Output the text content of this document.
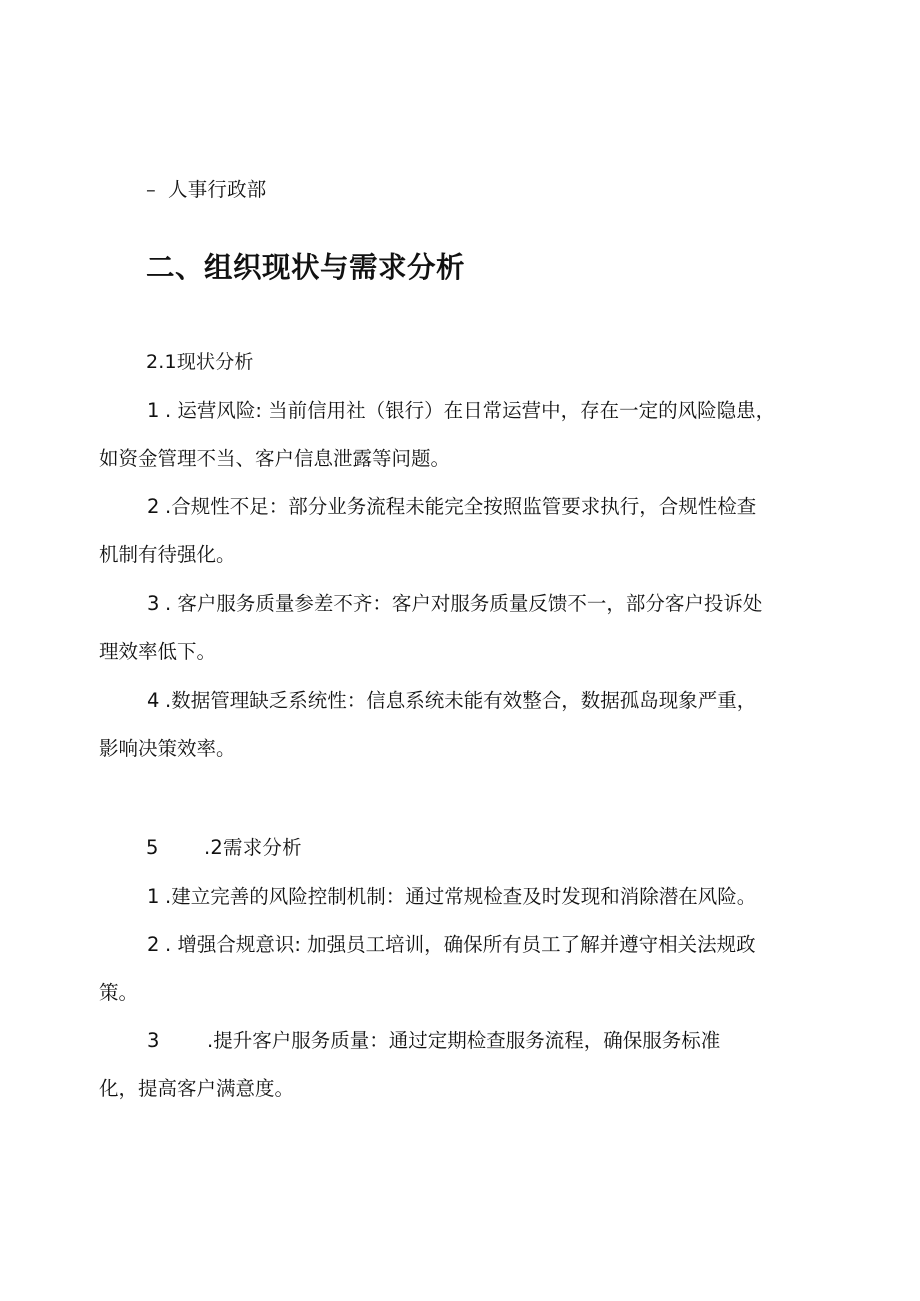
– 人事行政部
二、组织现状与需求分析
2.1现状分析
1 . 运营风险: 当前信用社（银行）在日常运营中，存在一定的风险隐患，
如资金管理不当、客户信息泄露等问题。
2 .合规性不足：部分业务流程未能完全按照监管要求执行，合规性检查
机制有待强化。
3 . 客户服务质量参差不齐：客户对服务质量反馈不一，部分客户投诉处
理效率低下。
4 .数据管理缺乏系统性：信息系统未能有效整合，数据孤岛现象严重，
影响决策效率。
5 .2需求分析
1 .建立完善的风险控制机制：通过常规检查及时发现和消除潜在风险。
2 . 增强合规意识: 加强员工培训，确保所有员工了解并遵守相关法规政
策。
3 .提升客户服务质量：通过定期检查服务流程，确保服务标准
化，提高客户满意度。
